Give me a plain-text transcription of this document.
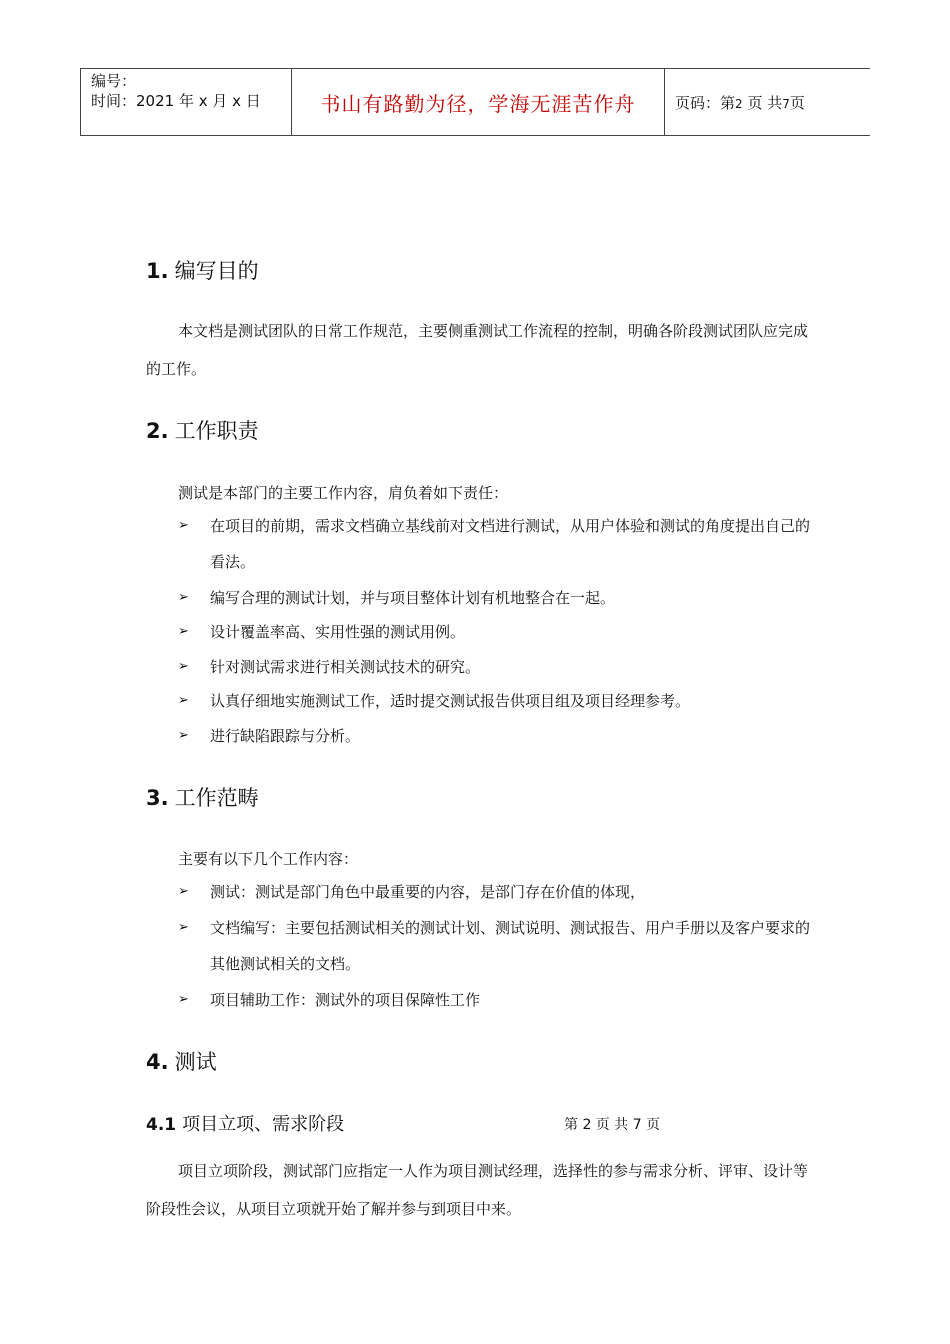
编号：
时间：2021 年 x 月 x 日	书山有路勤为径，学海无涯苦作舟	页码：第2 页 共7页
1. 编写目的

本文档是测试团队的日常工作规范，主要侧重测试工作流程的控制，明确各阶段测试团队应完成的工作。

2. 工作职责

测试是本部门的主要工作内容，肩负着如下责任：

➢	在项目的前期，需求文档确立基线前对文档进行测试，从用户体验和测试的角度提出自己的看法。
➢	编写合理的测试计划，并与项目整体计划有机地整合在一起。
➢	设计覆盖率高、实用性强的测试用例。
➢	针对测试需求进行相关测试技术的研究。
➢	认真仔细地实施测试工作，适时提交测试报告供项目组及项目经理参考。
➢	进行缺陷跟踪与分析。
3. 工作范畴

主要有以下几个工作内容：

➢	测试：测试是部门角色中最重要的内容，是部门存在价值的体现，
➢	文档编写：主要包括测试相关的测试计划、测试说明、测试报告、用户手册以及客户要求的其他测试相关的文档。
➢	项目辅助工作：测试外的项目保障性工作
4. 测试
4.1 项目立项、需求阶段	第 2 页 共 7 页

项目立项阶段，测试部门应指定一人作为项目测试经理，选择性的参与需求分析、评审、设计等阶段性会议，从项目立项就开始了解并参与到项目中来。
